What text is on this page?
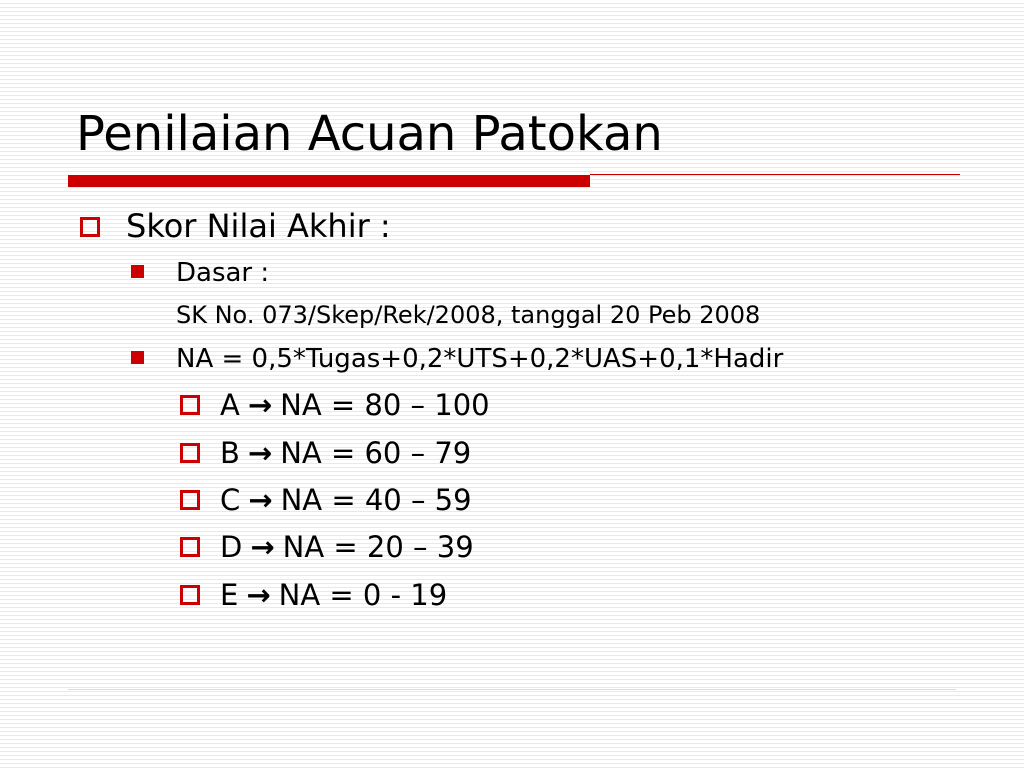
Penilaian Acuan Patokan
Skor Nilai Akhir :
Dasar :
SK No. 073/Skep/Rek/2008, tanggal 20 Peb 2008
NA = 0,5*Tugas+0,2*UTS+0,2*UAS+0,1*Hadir
A → NA = 80 – 100
B → NA = 60 – 79
C → NA = 40 – 59
D → NA = 20 – 39
E → NA = 0 - 19
